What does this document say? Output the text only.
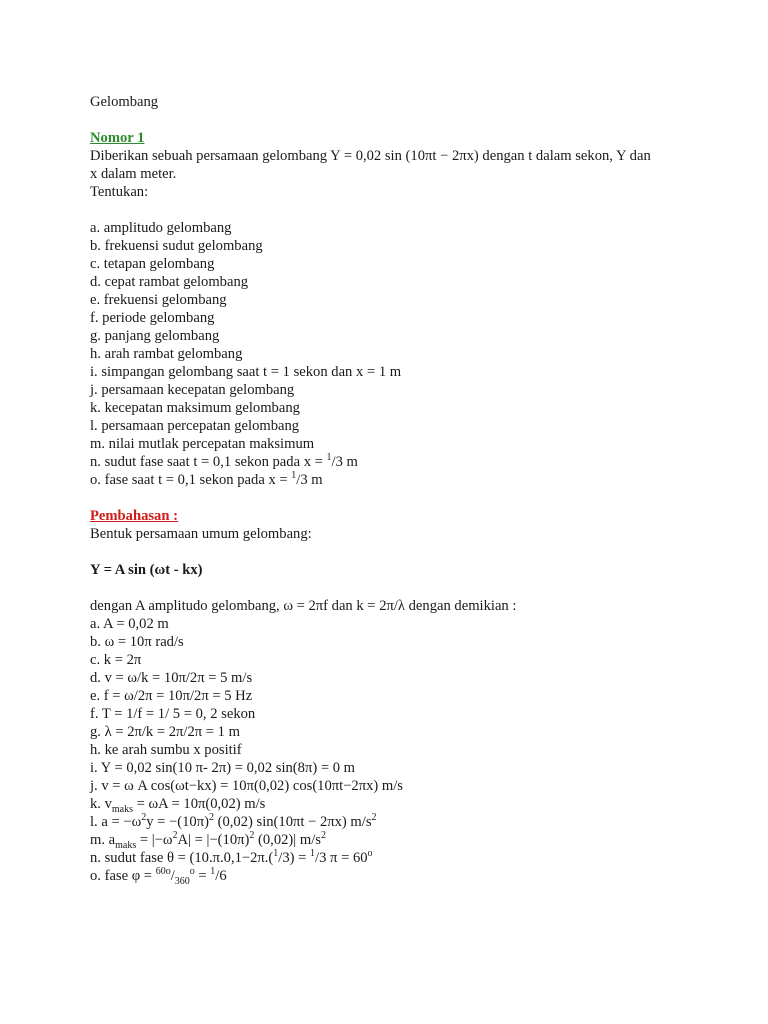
Gelombang
Nomor 1
Diberikan sebuah persamaan gelombang Y = 0,02 sin (10πt − 2πx) dengan t dalam sekon, Y dan
x dalam meter.
Tentukan:
a. amplitudo gelombang
b. frekuensi sudut gelombang
c. tetapan gelombang
d. cepat rambat gelombang
e. frekuensi gelombang
f. periode gelombang
g. panjang gelombang
h. arah rambat gelombang
i. simpangan gelombang saat t = 1 sekon dan x = 1 m
j. persamaan kecepatan gelombang
k. kecepatan maksimum gelombang
l. persamaan percepatan gelombang
m. nilai mutlak percepatan maksimum
n. sudut fase saat t = 0,1 sekon pada x = $^1$/3 m
o. fase saat t = 0,1 sekon pada x = $^1$/3 m
Pembahasan :
Bentuk persamaan umum gelombang:
Y = A sin (ωt - kx)
dengan A amplitudo gelombang, ω = 2πf dan k = 2π/λ dengan demikian :
a. A = 0,02 m
b. ω = 10π rad/s
c. k = 2π
d. v = ω/k = 10π/2π = 5 m/s
e. f = ω/2π = 10π/2π = 5 Hz
f. T = 1/f = 1/ 5 = 0, 2 sekon
g. λ = 2π/k = 2π/2π = 1 m
h. ke arah sumbu x positif
i. Y = 0,02 sin(10 π- 2π) = 0,02 sin(8π) = 0 m
j. v = ω A cos(ωt−kx) = 10π(0,02) cos(10πt−2πx) m/s
k. $v_{maks} = \omega A = 10\pi(0,02)$ m/s
l. $a = -\omega^2y = -(10\pi)^2$ (0,02) sin(10πt − 2πx) $m/s^2$
m. $a_{maks} = |-\omega^2A| = |-(10\pi)^2$ (0,02)| $m/s^2$
n. sudut fase θ = (10.π.0,1−2π.($^1$/3) = $^1$/3 $\pi = 60^o$
o. fase $\varphi = ^{60o}/_{360}^o = ^1/6$
